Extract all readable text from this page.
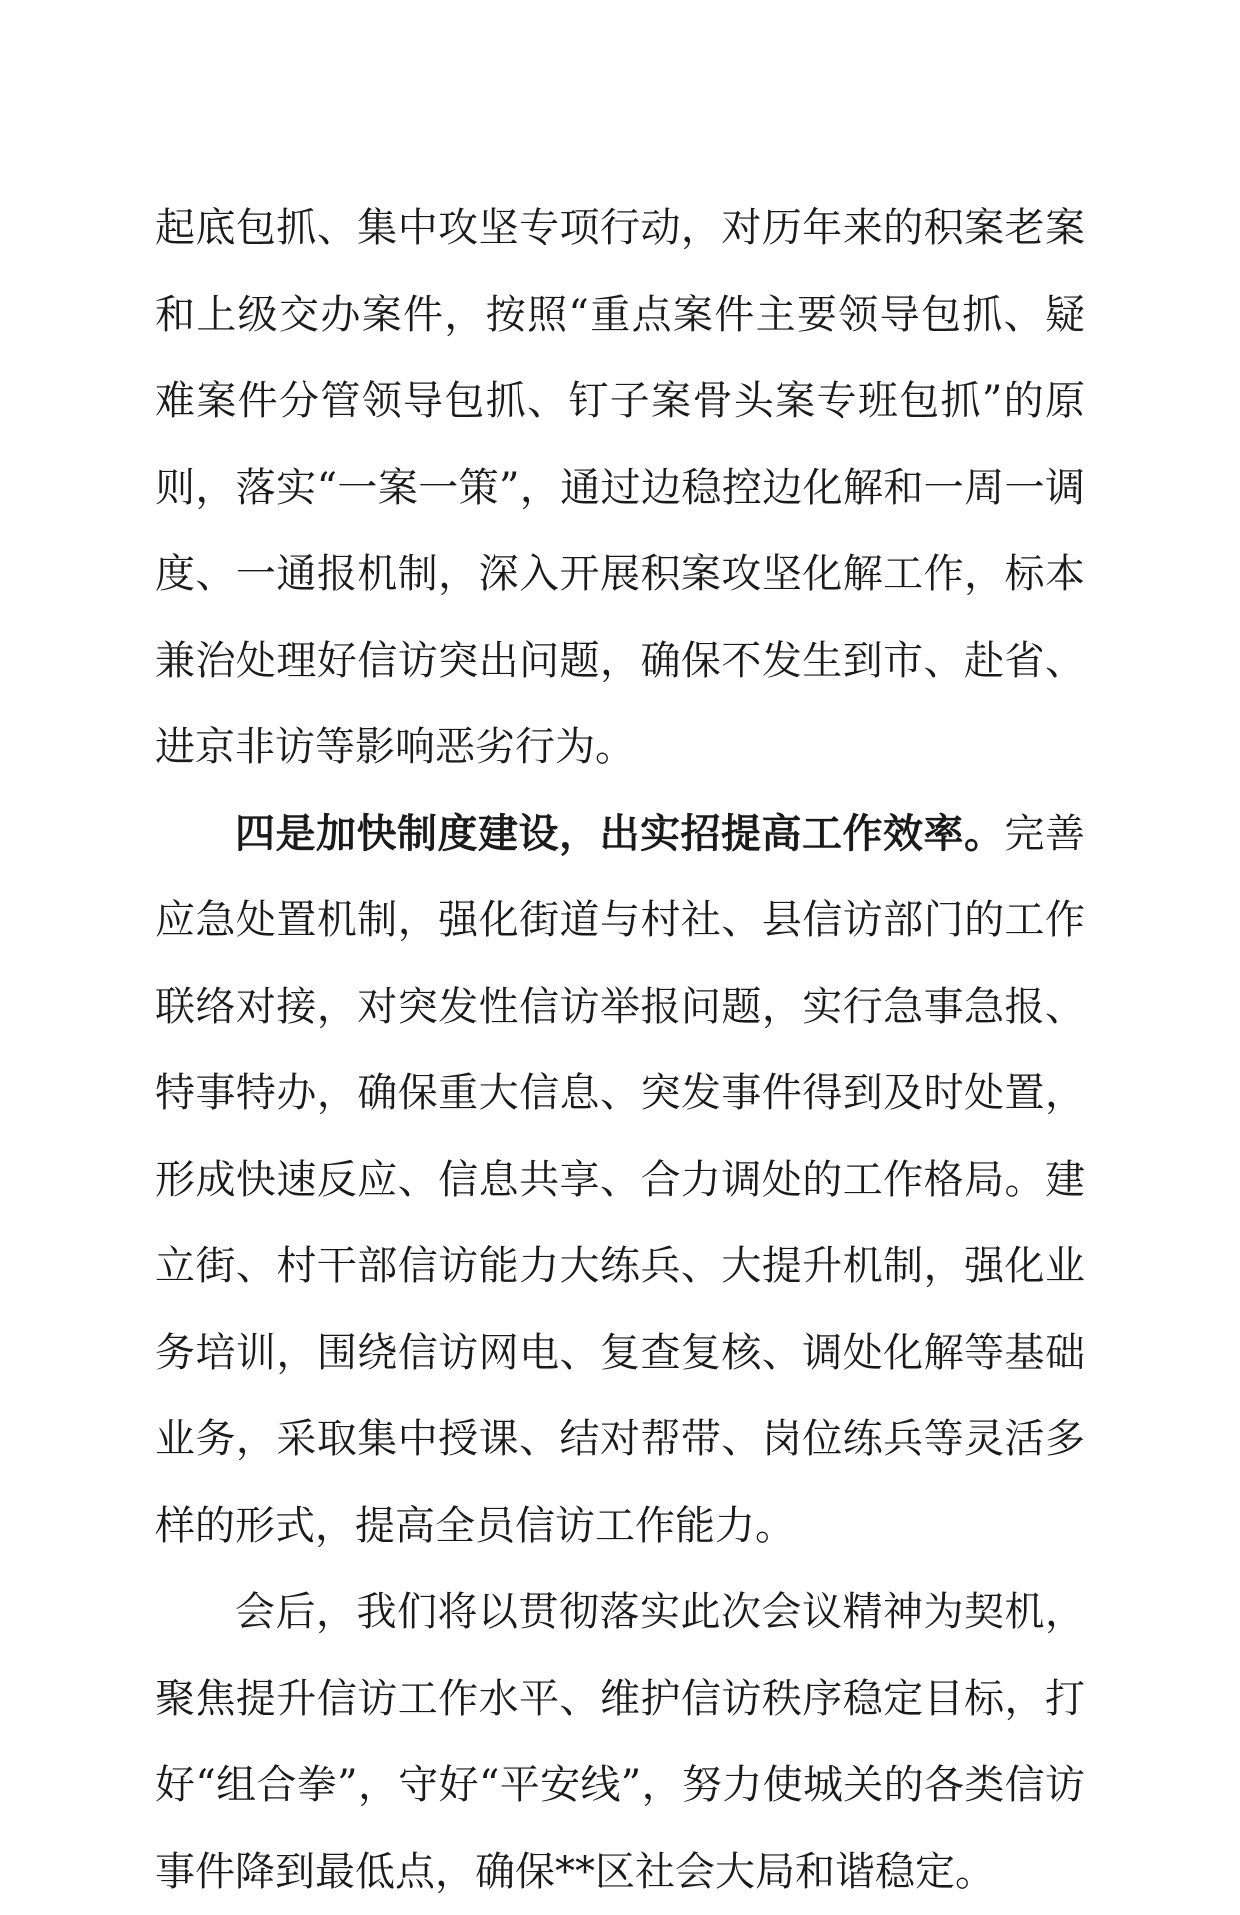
起底包抓、集中攻坚专项行动，对历年来的积案老案和上级交办案件，按照“重点案件主要领导包抓、疑难案件分管领导包抓、钉子案骨头案专班包抓”的原则，落实“一案一策”，通过边稳控边化解和一周一调度、一通报机制，深入开展积案攻坚化解工作，标本兼治处理好信访突出问题，确保不发生到市、赴省、进京非访等影响恶劣行为。

四是加快制度建设，出实招提高工作效率。完善应急处置机制，强化街道与村社、县信访部门的工作联络对接，对突发性信访举报问题，实行急事急报、特事特办，确保重大信息、突发事件得到及时处置，形成快速反应、信息共享、合力调处的工作格局。建立街、村干部信访能力大练兵、大提升机制，强化业务培训，围绕信访网电、复查复核、调处化解等基础业务，采取集中授课、结对帮带、岗位练兵等灵活多样的形式，提高全员信访工作能力。

会后，我们将以贯彻落实此次会议精神为契机，聚焦提升信访工作水平、维护信访秩序稳定目标，打好“组合拳”，守好“平安线”，努力使城关的各类信访事件降到最低点，确保**区社会大局和谐稳定。
